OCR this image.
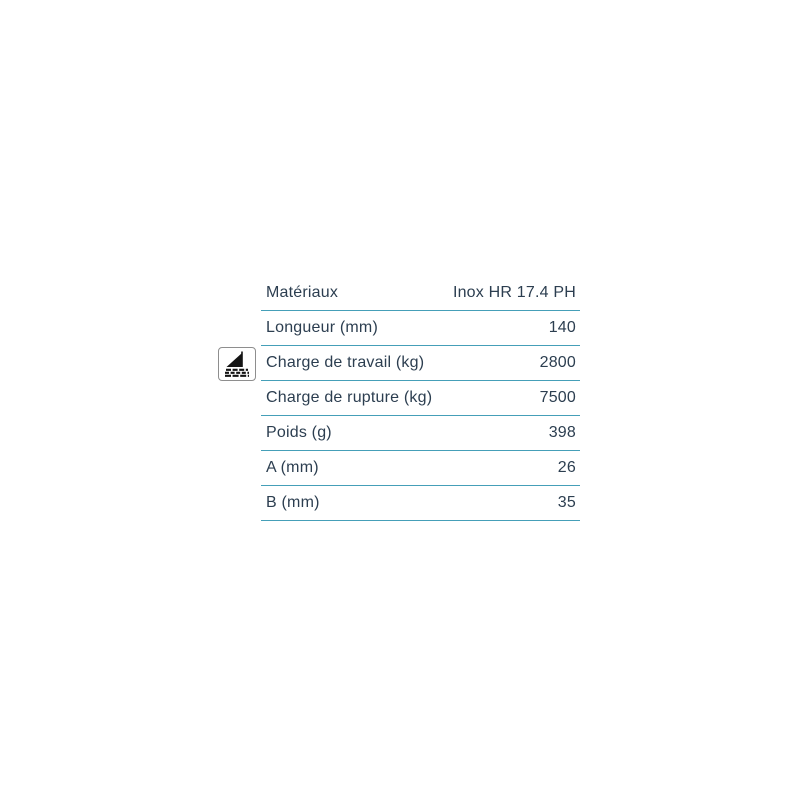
Matériaux	Inox HR 17.4 PH
Longueur (mm)	140
Charge de travail (kg)	2800
Charge de rupture (kg)	7500
Poids (g)	398
A (mm)	26
B (mm)	35
